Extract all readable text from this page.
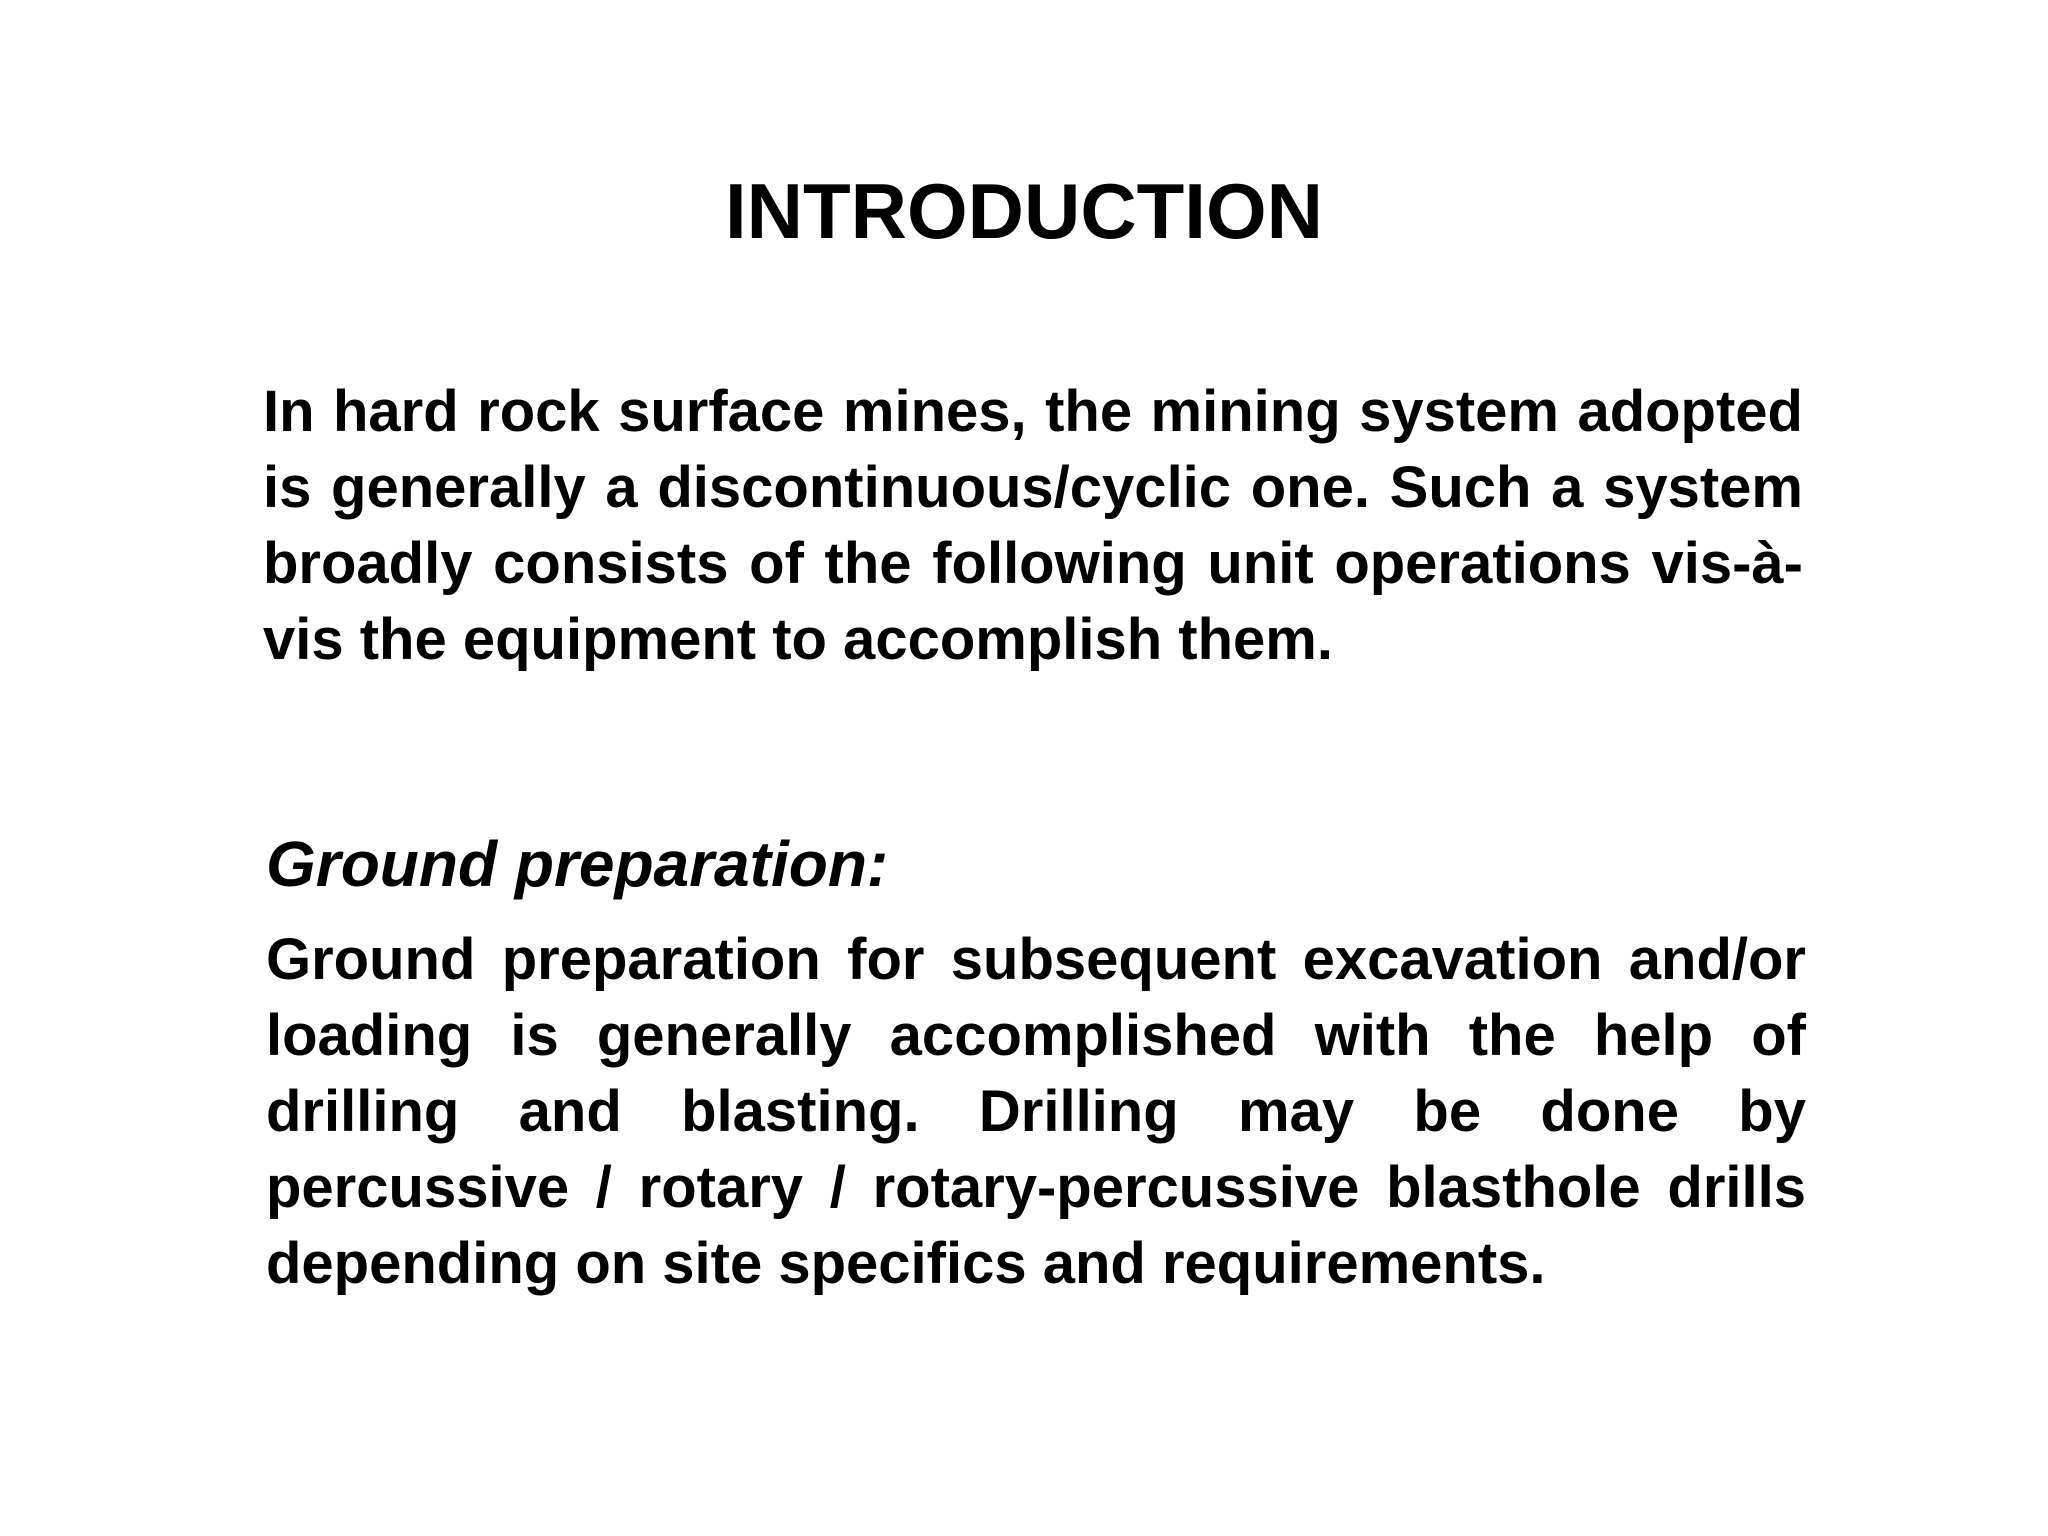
INTRODUCTION

In hard rock surface mines, the mining system adopted is generally a discontinuous/cyclic one. Such a system broadly consists of the following unit operations vis-à-vis the equipment to accomplish them.

Ground preparation:

Ground preparation for subsequent excavation and/or loading is generally accomplished with the help of drilling and blasting. Drilling may be done by percussive / rotary / rotary-percussive blasthole drills depending on site specifics and requirements.
